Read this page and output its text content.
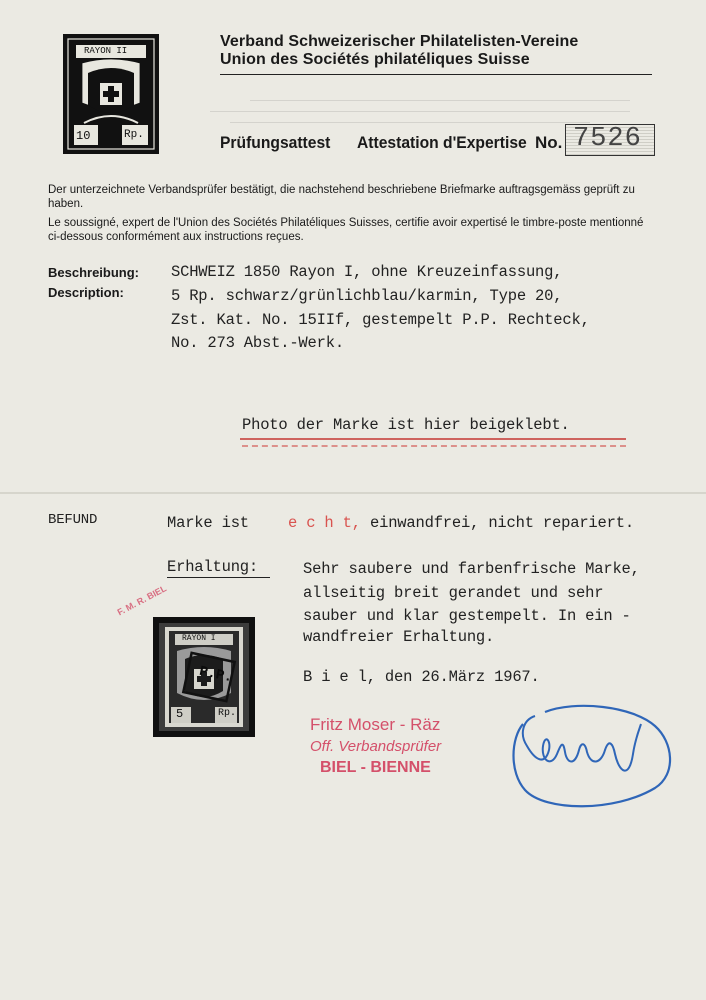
RAYON II
10	Rp.
Verband Schweizerischer Philatelisten-Vereine
Union des Sociétés philatéliques Suisse
Prüfungsattest Attestation d'Expertise No. 7526
Der unterzeichnete Verbandsprüfer bestätigt, die nachstehend beschriebene Briefmarke auftragsgemäss geprüft zu haben.
Le soussigné, expert de l'Union des Sociétés Philatéliques Suisses, certifie avoir expertisé le timbre-poste mentionné ci-dessous conformément aux instructions reçues.
Beschreibung:
Description:
SCHWEIZ 1850 Rayon I, ohne Kreuzeinfassung,
5 Rp. schwarz/grünlichblau/karmin, Type 20,
Zst. Kat. No. 15IIf, gestempelt P.P. Rechteck,
No. 273 Abst.-Werk.
Photo der Marke ist hier beigeklebt.
BEFUND	Marke ist	e c h t, einwandfrei, nicht repariert.
Erhaltung:	Sehr saubere und farbenfrische Marke,
allseitig breit gerandet und sehr
sauber und klar gestempelt. In ein -
wandfreier Erhaltung.
F. M. R. BIEL
RAYON I
P.P.
5	Rp.
B i e l, den 26.März 1967.
Fritz Moser - Räz
Off. Verbandsprüfer
BIEL - BIENNE
